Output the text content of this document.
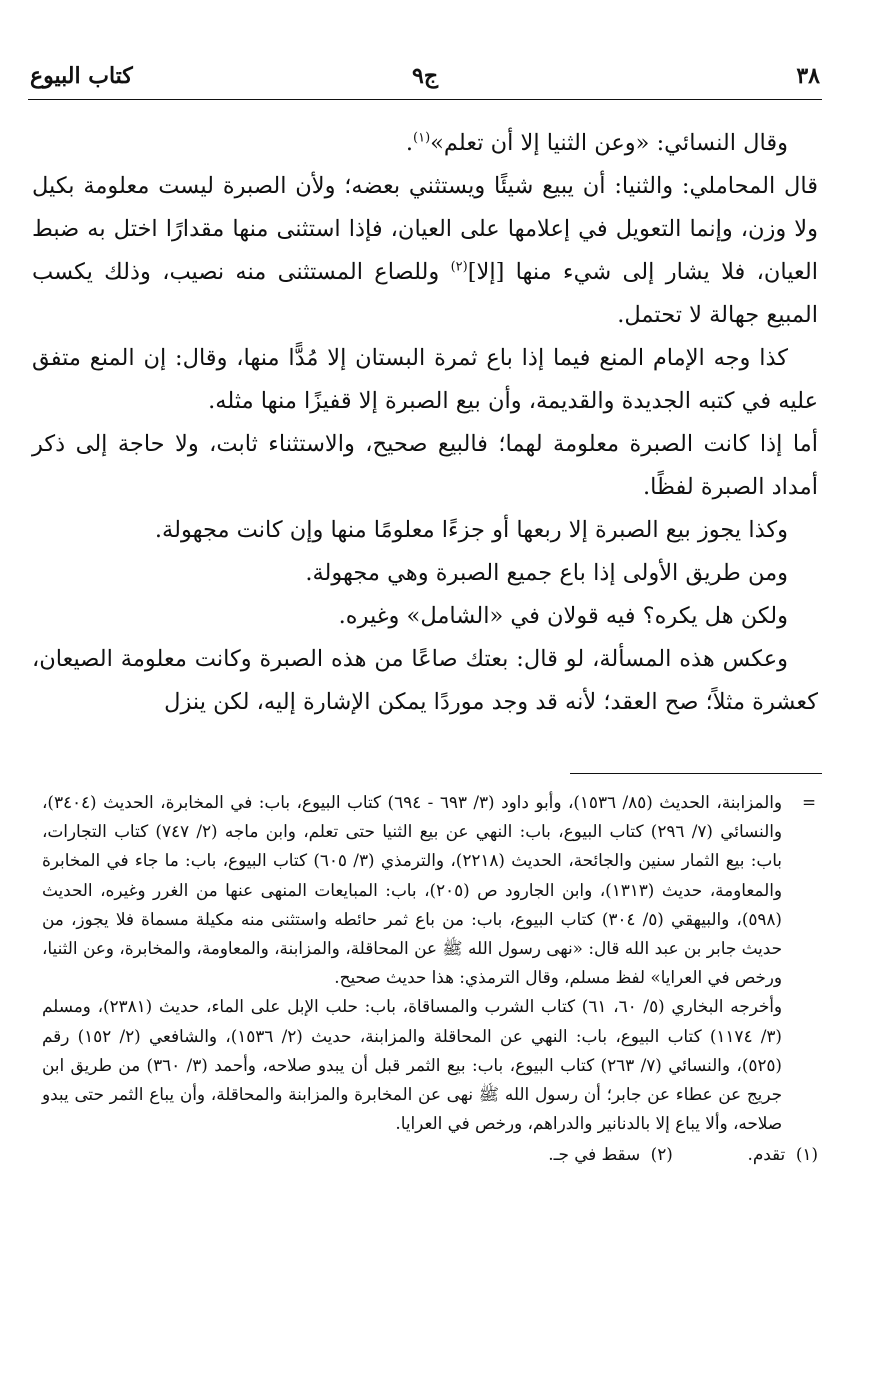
٣٨
ج٩
كتاب البيوع

وقال النسائي: «وعن الثنيا إلا أن تعلم»$^{(١)}$.

قال المحاملي: والثنيا: أن يبيع شيئًا ويستثني بعضه؛ ولأن الصبرة ليست معلومة بكيل ولا وزن، وإنما التعويل في إعلامها على العيان، فإذا استثنى منها مقدارًا اختل به ضبط العيان، فلا يشار إلى شيء منها [إلا]$^{(٢)}$ وللصاع المستثنى منه نصيب، وذلك يكسب المبيع جهالة لا تحتمل.

كذا وجه الإمام المنع فيما إذا باع ثمرة البستان إلا مُدًّا منها، وقال: إن المنع متفق عليه في كتبه الجديدة والقديمة، وأن بيع الصبرة إلا قفيزًا منها مثله.

أما إذا كانت الصبرة معلومة لهما؛ فالبيع صحيح، والاستثناء ثابت، ولا حاجة إلى ذكر أمداد الصبرة لفظًا.

وكذا يجوز بيع الصبرة إلا ربعها أو جزءًا معلومًا منها وإن كانت مجهولة.

ومن طريق الأولى إذا باع جميع الصبرة وهي مجهولة.

ولكن هل يكره؟ فيه قولان في «الشامل» وغيره.

وعكس هذه المسألة، لو قال: بعتك صاعًا من هذه الصبرة وكانت معلومة الصيعان، كعشرة مثلاً؛ صح العقد؛ لأنه قد وجد موردًا يمكن الإشارة إليه، لكن ينزل

=
والمزابنة، الحديث (٨٥/ ١٥٣٦)، وأبو داود (٣/ ٦٩٣ - ٦٩٤) كتاب البيوع، باب: في المخابرة، الحديث (٣٤٠٤)، والنسائي (٧/ ٢٩٦) كتاب البيوع، باب: النهي عن بيع الثنيا حتى تعلم، وابن ماجه (٢/ ٧٤٧) كتاب التجارات، باب: بيع الثمار سنين والجائحة، الحديث (٢٢١٨)، والترمذي (٣/ ٦٠٥) كتاب البيوع، باب: ما جاء في المخابرة والمعاومة، حديث (١٣١٣)، وابن الجارود ص (٢٠٥)، باب: المبايعات المنهى عنها من الغرر وغيره، الحديث (٥٩٨)، والبيهقي (٥/ ٣٠٤) كتاب البيوع، باب: من باع ثمر حائطه واستثنى منه مكيلة مسماة فلا يجوز، من حديث جابر بن عبد الله قال: «نهى رسول الله ﷺ عن المحاقلة، والمزابنة، والمعاومة، والمخابرة، وعن الثنيا، ورخص في العرايا» لفظ مسلم، وقال الترمذي: هذا حديث صحيح.

وأخرجه البخاري (٥/ ٦٠، ٦١) كتاب الشرب والمساقاة، باب: حلب الإبل على الماء، حديث (٢٣٨١)، ومسلم (٣/ ١١٧٤) كتاب البيوع، باب: النهي عن المحاقلة والمزابنة، حديث (٢/ ١٥٣٦)، والشافعي (٢/ ١٥٢) رقم (٥٢٥)، والنسائي (٧/ ٢٦٣) كتاب البيوع، باب: بيع الثمر قبل أن يبدو صلاحه، وأحمد (٣/ ٣٦٠) من طريق ابن جريج عن عطاء عن جابر؛ أن رسول الله ﷺ نهى عن المخابرة والمزابنة والمحاقلة، وأن يباع الثمر حتى يبدو صلاحه، وألا يباع إلا بالدنانير والدراهم، ورخص في العرايا.

(١)  تقدم.

(٢)  سقط في جـ.
